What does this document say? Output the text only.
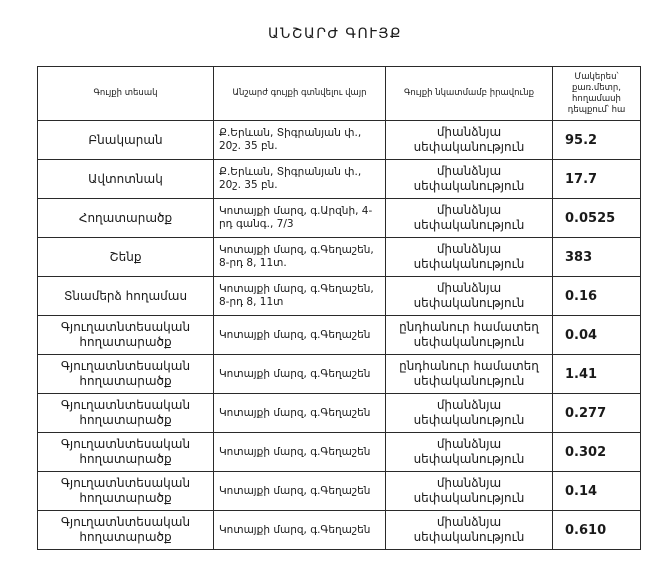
ԱՆՇԱՐԺ ԳՈՒՅՔ
Գույքի տեսակ	Անշարժ գույքի գտնվելու վայր	Գույքի նկատմամբ իրավունք	Մակերես՝ քառ.մետր, հողամասի դեպքում՝ հա
Բնակարան	Ք.Երևան, Տիգրանյան փ., 20շ. 35 բն.	միանձնյա սեփականություն	95.2
Ավտոտնակ	Ք.Երևան, Տիգրանյան փ., 20շ. 35 բն.	միանձնյա սեփականություն	17.7
Հողատարածք	Կոտայքի մարզ, գ.Արզնի, 4-րդ գանգ., 7/3	միանձնյա սեփականություն	0.0525
Շենք	Կոտայքի մարզ, գ.Գեղաշեն, 8-րդ 8, 11տ.	միանձնյա սեփականություն	383
Տնամերձ հողամաս	Կոտայքի մարզ, գ.Գեղաշեն, 8-րդ 8, 11տ	միանձնյա սեփականություն	0.16
Գյուղատնտեսական հողատարածք	Կոտայքի մարզ, գ.Գեղաշեն	ընդհանուր համատեղ սեփականություն	0.04
Գյուղատնտեսական հողատարածք	Կոտայքի մարզ, գ.Գեղաշեն	ընդհանուր համատեղ սեփականություն	1.41
Գյուղատնտեսական հողատարածք	Կոտայքի մարզ, գ.Գեղաշեն	միանձնյա սեփականություն	0.277
Գյուղատնտեսական հողատարածք	Կոտայքի մարզ, գ.Գեղաշեն	միանձնյա սեփականություն	0.302
Գյուղատնտեսական հողատարածք	Կոտայքի մարզ, գ.Գեղաշեն	միանձնյա սեփականություն	0.14
Գյուղատնտեսական հողատարածք	Կոտայքի մարզ, գ.Գեղաշեն	միանձնյա սեփականություն	0.610
